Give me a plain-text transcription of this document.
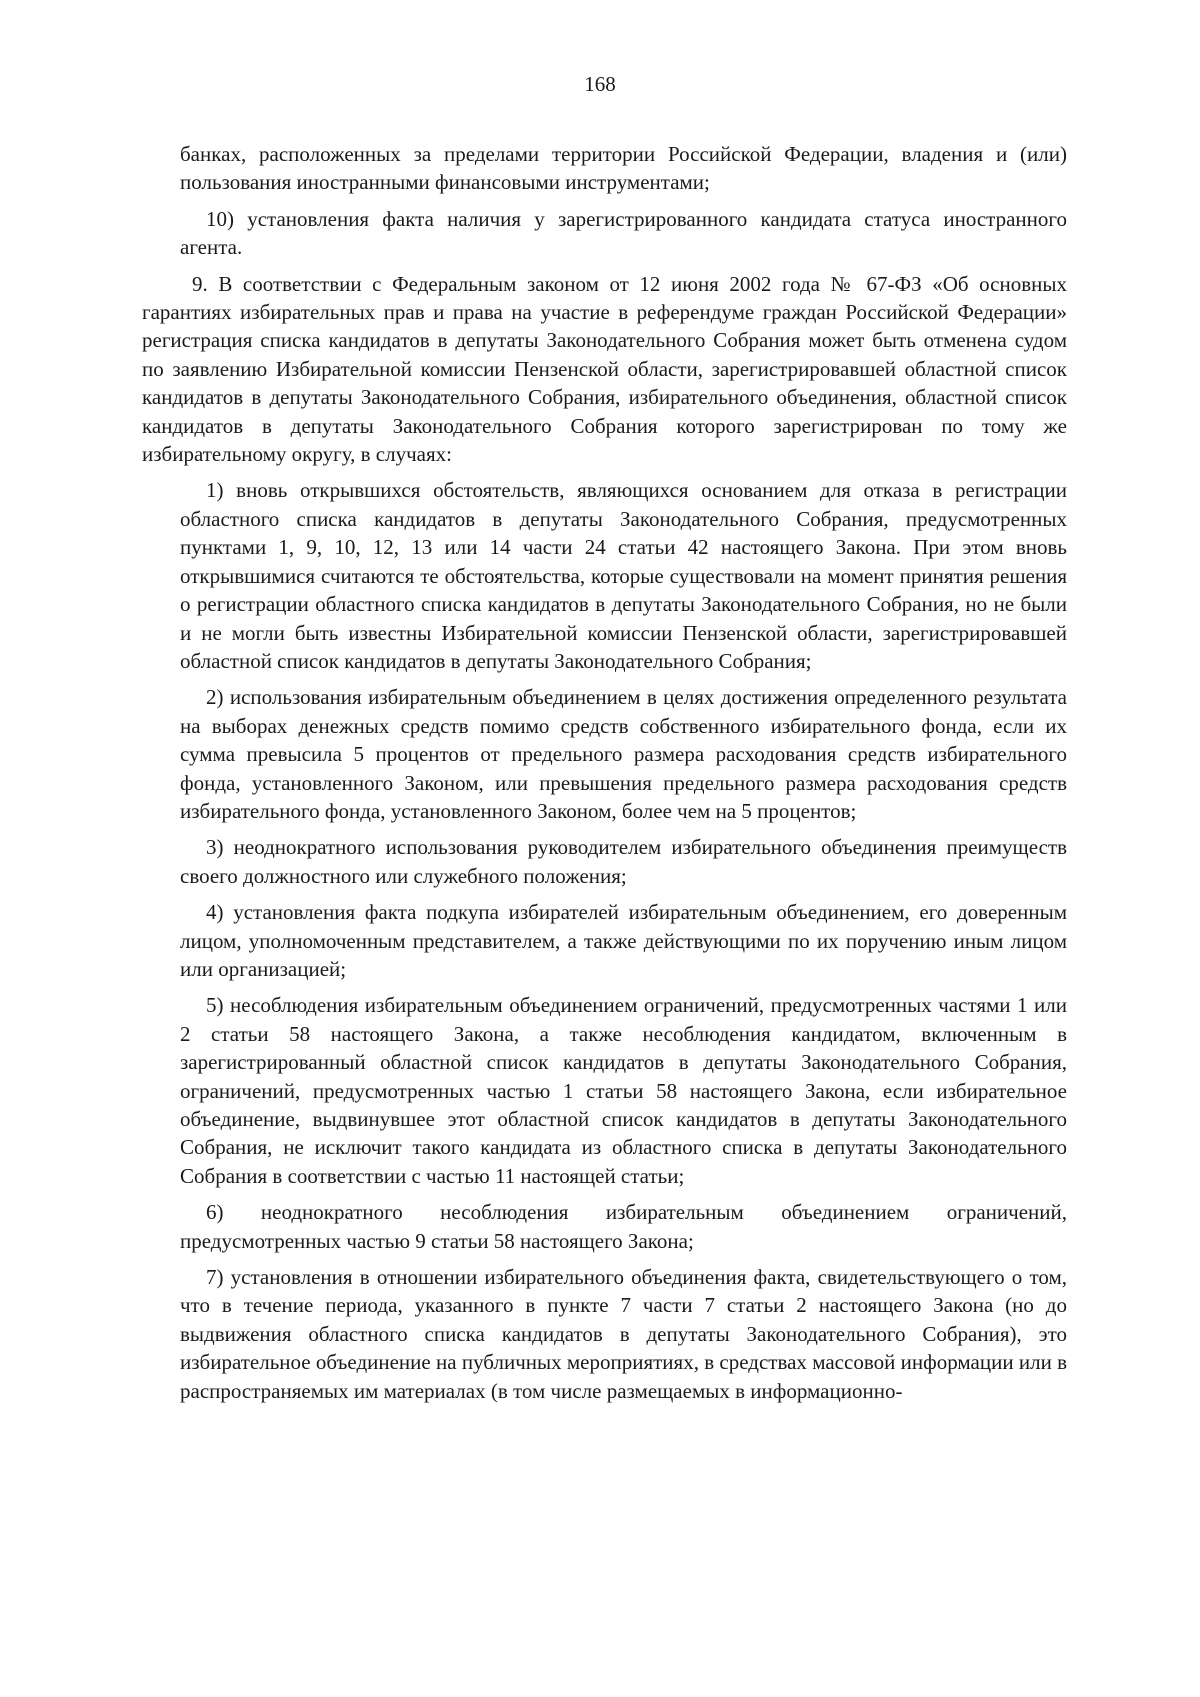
168

банках, расположенных за пределами территории Российской Федерации, владения и (или) пользования иностранными финансовыми инструментами;

10) установления факта наличия у зарегистрированного кандидата статуса иностранного агента.

9. В соответствии с Федеральным законом от 12 июня 2002 года № 67-ФЗ «Об основных гарантиях избирательных прав и права на участие в референдуме граждан Российской Федерации» регистрация списка кандидатов в депутаты Законодательного Собрания может быть отменена судом по заявлению Избирательной комиссии Пензенской области, зарегистрировавшей областной список кандидатов в депутаты Законодательного Собрания, избирательного объединения, областной список кандидатов в депутаты Законодательного Собрания которого зарегистрирован по тому же избирательному округу, в случаях:

1) вновь открывшихся обстоятельств, являющихся основанием для отказа в регистрации областного списка кандидатов в депутаты Законодательного Собрания, предусмотренных пунктами 1, 9, 10, 12, 13 или 14 части 24 статьи 42 настоящего Закона. При этом вновь открывшимися считаются те обстоятельства, которые существовали на момент принятия решения о регистрации областного списка кандидатов в депутаты Законодательного Собрания, но не были и не могли быть известны Избирательной комиссии Пензенской области, зарегистрировавшей областной список кандидатов в депутаты Законодательного Собрания;

2) использования избирательным объединением в целях достижения определенного результата на выборах денежных средств помимо средств собственного избирательного фонда, если их сумма превысила 5 процентов от предельного размера расходования средств избирательного фонда, установленного Законом, или превышения предельного размера расходования средств избирательного фонда, установленного Законом, более чем на 5 процентов;

3) неоднократного использования руководителем избирательного объединения преимуществ своего должностного или служебного положения;

4) установления факта подкупа избирателей избирательным объединением, его доверенным лицом, уполномоченным представителем, а также действующими по их поручению иным лицом или организацией;

5) несоблюдения избирательным объединением ограничений, предусмотренных частями 1 или 2 статьи 58 настоящего Закона, а также несоблюдения кандидатом, включенным в зарегистрированный областной список кандидатов в депутаты Законодательного Собрания, ограничений, предусмотренных частью 1 статьи 58 настоящего Закона, если избирательное объединение, выдвинувшее этот областной список кандидатов в депутаты Законодательного Собрания, не исключит такого кандидата из областного списка в депутаты Законодательного Собрания в соответствии с частью 11 настоящей статьи;

6) неоднократного несоблюдения избирательным объединением ограничений, предусмотренных частью 9 статьи 58 настоящего Закона;

7) установления в отношении избирательного объединения факта, свидетельствующего о том, что в течение периода, указанного в пункте 7 части 7 статьи 2 настоящего Закона (но до выдвижения областного списка кандидатов в депутаты Законодательного Собрания), это избирательное объединение на публичных мероприятиях, в средствах массовой информации или в распространяемых им материалах (в том числе размещаемых в информационно-
